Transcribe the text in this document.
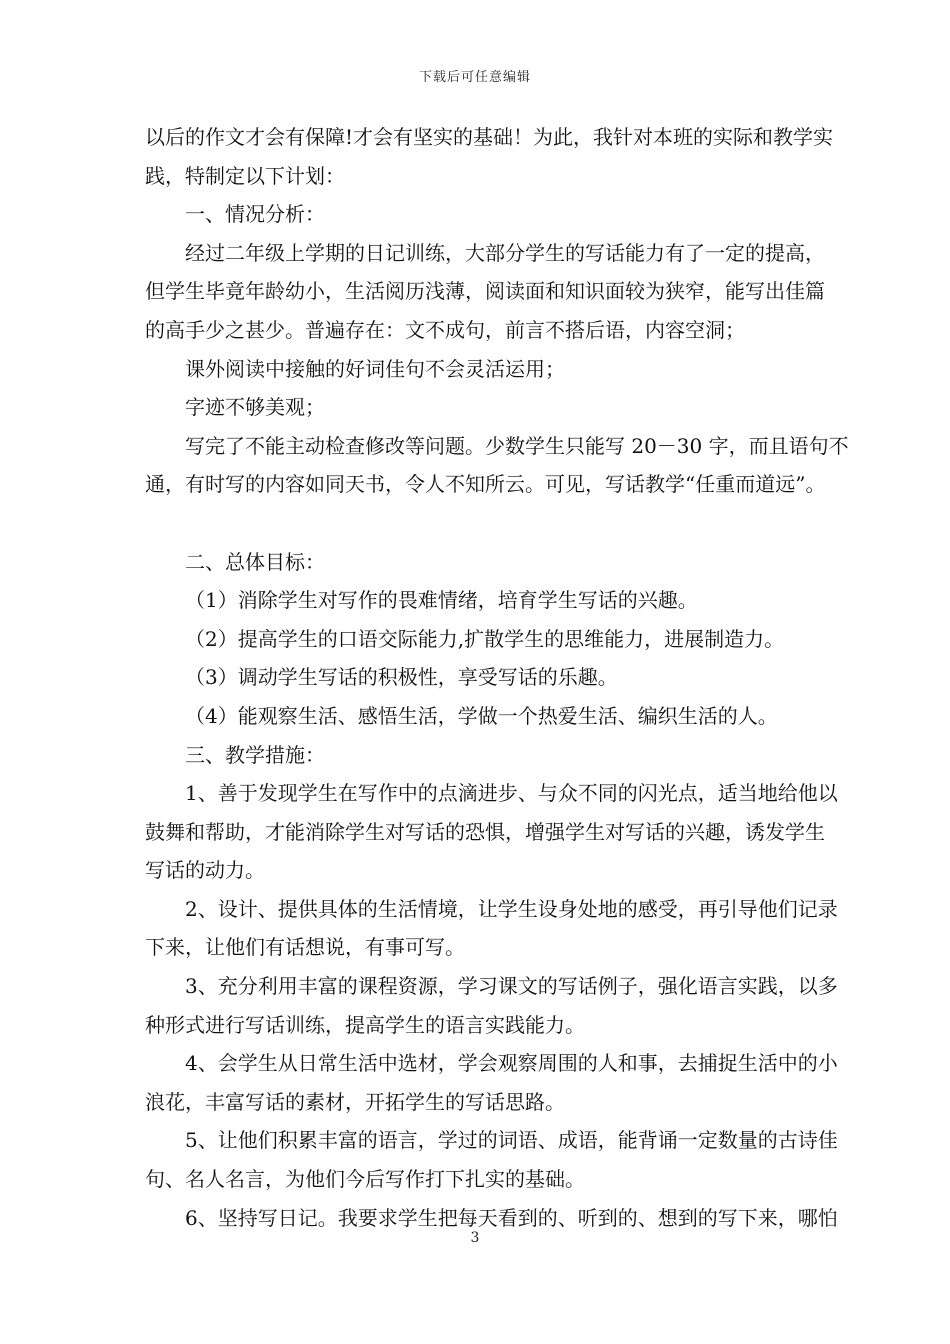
下载后可任意编辑
以后的作文才会有保障!才会有坚实的基础！为此，我针对本班的实际和教学实
践，特制定以下计划：
一、情况分析：
经过二年级上学期的日记训练，大部分学生的写话能力有了一定的提高，
但学生毕竟年龄幼小，生活阅历浅薄，阅读面和知识面较为狭窄，能写出佳篇
的高手少之甚少。普遍存在：文不成句，前言不搭后语，内容空洞；
课外阅读中接触的好词佳句不会灵活运用；
字迹不够美观；
写完了不能主动检查修改等问题。少数学生只能写 20－30 字，而且语句不
通，有时写的内容如同天书，令人不知所云。可见，写话教学“任重而道远”。
二、总体目标：
（1）消除学生对写作的畏难情绪，培育学生写话的兴趣。
（2）提高学生的口语交际能力,扩散学生的思维能力，进展制造力。
（3）调动学生写话的积极性，享受写话的乐趣。
（4）能观察生活、感悟生活，学做一个热爱生活、编织生活的人。
三、教学措施：
1、善于发现学生在写作中的点滴进步、与众不同的闪光点，适当地给他以
鼓舞和帮助，才能消除学生对写话的恐惧，增强学生对写话的兴趣，诱发学生
写话的动力。
2、设计、提供具体的生活情境，让学生设身处地的感受，再引导他们记录
下来，让他们有话想说，有事可写。
3、充分利用丰富的课程资源，学习课文的写话例子，强化语言实践，以多
种形式进行写话训练，提高学生的语言实践能力。
4、会学生从日常生活中选材，学会观察周围的人和事，去捕捉生活中的小
浪花，丰富写话的素材，开拓学生的写话思路。
5、让他们积累丰富的语言，学过的词语、成语，能背诵一定数量的古诗佳
句、名人名言，为他们今后写作打下扎实的基础。
6、坚持写日记。我要求学生把每天看到的、听到的、想到的写下来，哪怕
3
